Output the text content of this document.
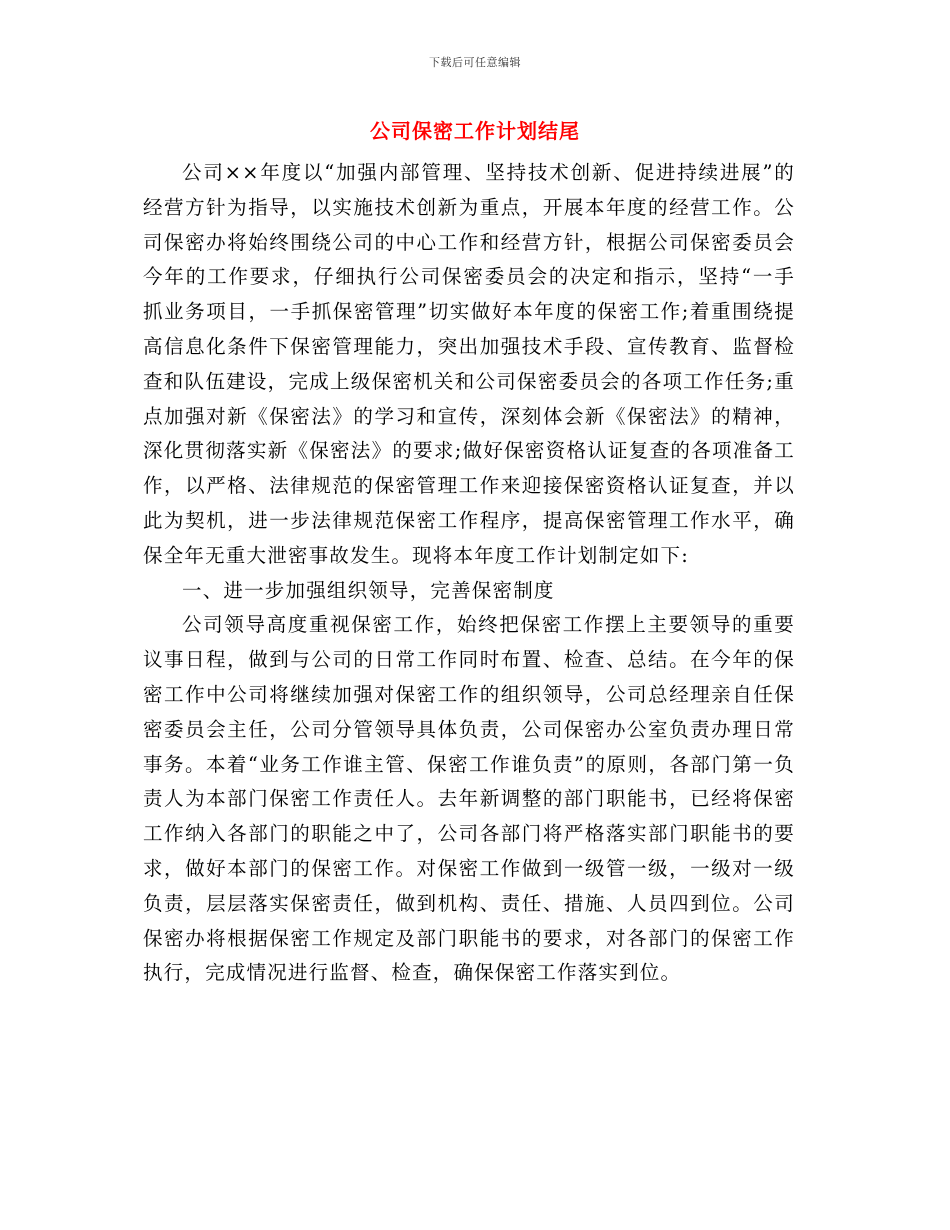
下载后可任意编辑
公司保密工作计划结尾

公司××年度以“加强内部管理、坚持技术创新、促进持续进展”的经营方针为指导，以实施技术创新为重点，开展本年度的经营工作。公司保密办将始终围绕公司的中心工作和经营方针，根据公司保密委员会今年的工作要求，仔细执行公司保密委员会的决定和指示，坚持“一手抓业务项目，一手抓保密管理”切实做好本年度的保密工作;着重围绕提高信息化条件下保密管理能力，突出加强技术手段、宣传教育、监督检查和队伍建设，完成上级保密机关和公司保密委员会的各项工作任务;重点加强对新《保密法》的学习和宣传，深刻体会新《保密法》的精神，深化贯彻落实新《保密法》的要求;做好保密资格认证复查的各项准备工作，以严格、法律规范的保密管理工作来迎接保密资格认证复查，并以此为契机，进一步法律规范保密工作程序，提高保密管理工作水平，确保全年无重大泄密事故发生。现将本年度工作计划制定如下:

一、进一步加强组织领导，完善保密制度

公司领导高度重视保密工作，始终把保密工作摆上主要领导的重要议事日程，做到与公司的日常工作同时布置、检查、总结。在今年的保密工作中公司将继续加强对保密工作的组织领导，公司总经理亲自任保密委员会主任，公司分管领导具体负责，公司保密办公室负责办理日常事务。本着“业务工作谁主管、保密工作谁负责”的原则，各部门第一负责人为本部门保密工作责任人。去年新调整的部门职能书，已经将保密工作纳入各部门的职能之中了，公司各部门将严格落实部门职能书的要求，做好本部门的保密工作。对保密工作做到一级管一级，一级对一级负责，层层落实保密责任，做到机构、责任、措施、人员四到位。公司保密办将根据保密工作规定及部门职能书的要求，对各部门的保密工作执行，完成情况进行监督、检查，确保保密工作落实到位。
